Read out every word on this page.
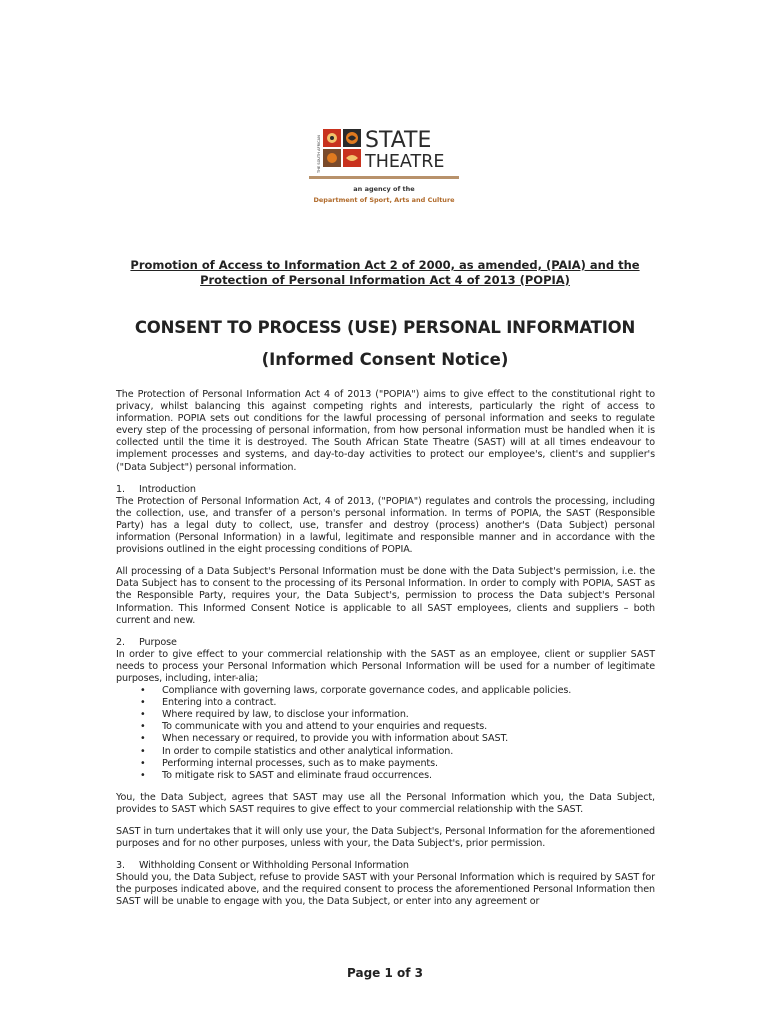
THE SOUTH AFRICAN STATE
THEATRE
an agency of the
Department of Sport, Arts and Culture
Promotion of Access to Information Act 2 of 2000, as amended, (PAIA) and the
Protection of Personal Information Act 4 of 2013 (POPIA)
CONSENT TO PROCESS (USE) PERSONAL INFORMATION
(Informed Consent Notice)

The Protection of Personal Information Act 4 of 2013 ("POPIA") aims to give effect to the constitutional right to privacy, whilst balancing this against competing rights and interests, particularly the right of access to information. POPIA sets out conditions for the lawful processing of personal information and seeks to regulate every step of the processing of personal information, from how personal information must be handled when it is collected until the time it is destroyed. The South African State Theatre (SAST) will at all times endeavour to implement processes and systems, and day-to-day activities to protect our employee's, client's and supplier's ("Data Subject") personal information.

1. Introduction

The Protection of Personal Information Act, 4 of 2013, ("POPIA") regulates and controls the processing, including the collection, use, and transfer of a person's personal information. In terms of POPIA, the SAST (Responsible Party) has a legal duty to collect, use, transfer and destroy (process) another's (Data Subject) personal information (Personal Information) in a lawful, legitimate and responsible manner and in accordance with the provisions outlined in the eight processing conditions of POPIA.

All processing of a Data Subject's Personal Information must be done with the Data Subject's permission, i.e. the Data Subject has to consent to the processing of its Personal Information. In order to comply with POPIA, SAST as the Responsible Party, requires your, the Data Subject's, permission to process the Data subject's Personal Information. This Informed Consent Notice is applicable to all SAST employees, clients and suppliers – both current and new.

2. Purpose

In order to give effect to your commercial relationship with the SAST as an employee, client or supplier SAST needs to process your Personal Information which Personal Information will be used for a number of legitimate purposes, including, inter-alia;

• Compliance with governing laws, corporate governance codes, and applicable policies.
• Entering into a contract.
• Where required by law, to disclose your information.
• To communicate with you and attend to your enquiries and requests.
• When necessary or required, to provide you with information about SAST.
• In order to compile statistics and other analytical information.
• Performing internal processes, such as to make payments.
• To mitigate risk to SAST and eliminate fraud occurrences.

You, the Data Subject, agrees that SAST may use all the Personal Information which you, the Data Subject, provides to SAST which SAST requires to give effect to your commercial relationship with the SAST.

SAST in turn undertakes that it will only use your, the Data Subject's, Personal Information for the aforementioned purposes and for no other purposes, unless with your, the Data Subject's, prior permission.

3. Withholding Consent or Withholding Personal Information

Should you, the Data Subject, refuse to provide SAST with your Personal Information which is required by SAST for the purposes indicated above, and the required consent to process the aforementioned Personal Information then SAST will be unable to engage with you, the Data Subject, or enter into any agreement or

Page 1 of 3
